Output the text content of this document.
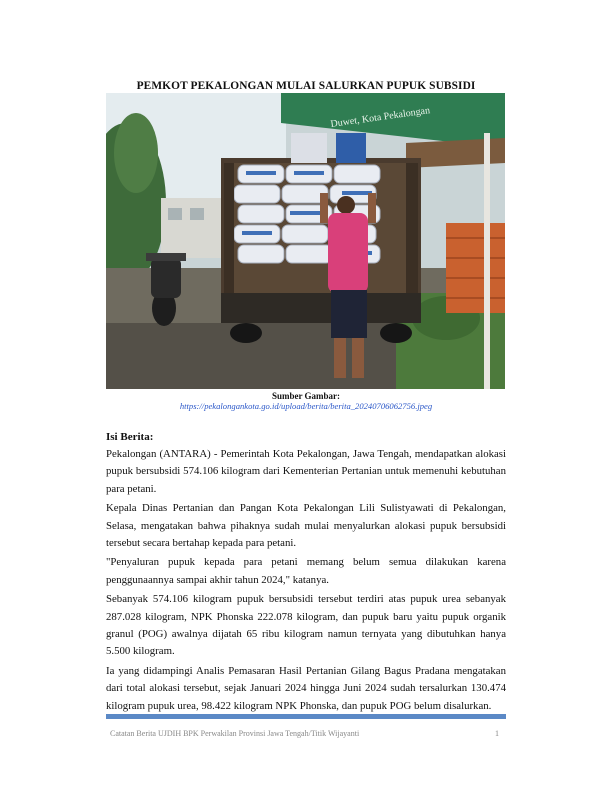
PEMKOT PEKALONGAN MULAI SALURKAN PUPUK SUBSIDI
Duwet, Kota Pekalongan
Sumber Gambar:
https://pekalongankota.go.id/upload/berita/berita_20240706062756.jpeg
Isi Berita:

Pekalongan (ANTARA) - Pemerintah Kota Pekalongan, Jawa Tengah, mendapatkan alokasi pupuk bersubsidi 574.106 kilogram dari Kementerian Pertanian untuk memenuhi kebutuhan para petani.

Kepala Dinas Pertanian dan Pangan Kota Pekalongan Lili Sulistyawati di Pekalongan, Selasa, mengatakan bahwa pihaknya sudah mulai menyalurkan alokasi pupuk bersubsidi tersebut secara bertahap kepada para petani.

"Penyaluran pupuk kepada para petani memang belum semua dilakukan karena penggunaannya sampai akhir tahun 2024," katanya.

Sebanyak 574.106 kilogram pupuk bersubsidi tersebut terdiri atas pupuk urea sebanyak 287.028 kilogram, NPK Phonska 222.078 kilogram, dan pupuk baru yaitu pupuk organik granul (POG) awalnya dijatah 65 ribu kilogram namun ternyata yang dibutuhkan hanya 5.500 kilogram.

Ia yang didampingi Analis Pemasaran Hasil Pertanian Gilang Bagus Pradana mengatakan dari total alokasi tersebut, sejak Januari 2024 hingga Juni 2024 sudah tersalurkan 130.474 kilogram pupuk urea, 98.422 kilogram NPK Phonska, dan pupuk POG belum disalurkan.

Catatan Berita UJDIH BPK Perwakilan Provinsi Jawa Tengah/Titik Wijayanti	1
